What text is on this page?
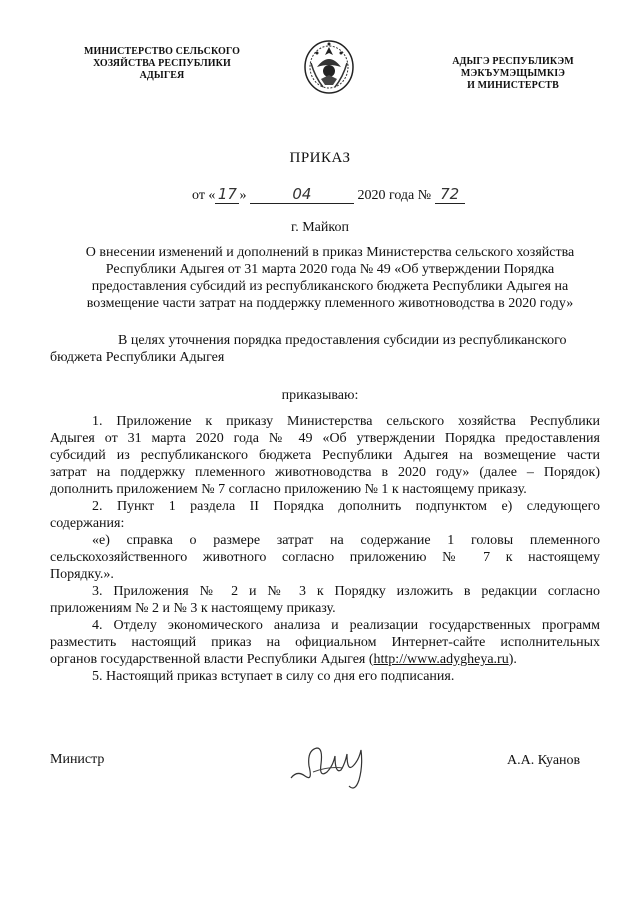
МИНИСТЕРСТВО СЕЛЬСКОГО
ХОЗЯЙСТВА РЕСПУБЛИКИ
АДЫГЕЯ
АДЫГЭ РЕСПУБЛИКЭМ
МЭКЪУМЭЩЫМКIЭ
И МИНИСТЕРСТВ
ПРИКАЗ
от « 17 »	04	2020 года № 72
г. Майкоп
О внесении изменений и дополнений в приказ Министерства сельского хозяйства
Республики Адыгея от 31 марта 2020 года № 49 «Об утверждении Порядка
предоставления субсидий из республиканского бюджета Республики Адыгея на
возмещение части затрат на поддержку племенного животноводства в 2020 году»
В целях уточнения порядка предоставления субсидии из республиканского
бюджета Республики Адыгея
приказываю:
1. Приложение к приказу Министерства сельского хозяйства Республики
Адыгея от 31 марта 2020 года № 49 «Об утверждении Порядка предоставления
субсидий из республиканского бюджета Республики Адыгея на возмещение части
затрат на поддержку племенного животноводства в 2020 году» (далее – Порядок)
дополнить приложением № 7 согласно приложению № 1 к настоящему приказу.
2. Пункт 1 раздела II Порядка дополнить подпунктом е) следующего
содержания:
«е) справка о размере затрат на содержание 1 головы племенного
сельскохозяйственного животного согласно приложению № 7 к настоящему
Порядку.».
3. Приложения № 2 и № 3 к Порядку изложить в редакции согласно
приложениям № 2 и № 3 к настоящему приказу.
4. Отделу экономического анализа и реализации государственных программ
разместить настоящий приказ на официальном Интернет-сайте исполнительных
органов государственной власти Республики Адыгея (http://www.adygheya.ru).
5. Настоящий приказ вступает в силу со дня его подписания.
Министр	А.А. Куанов
